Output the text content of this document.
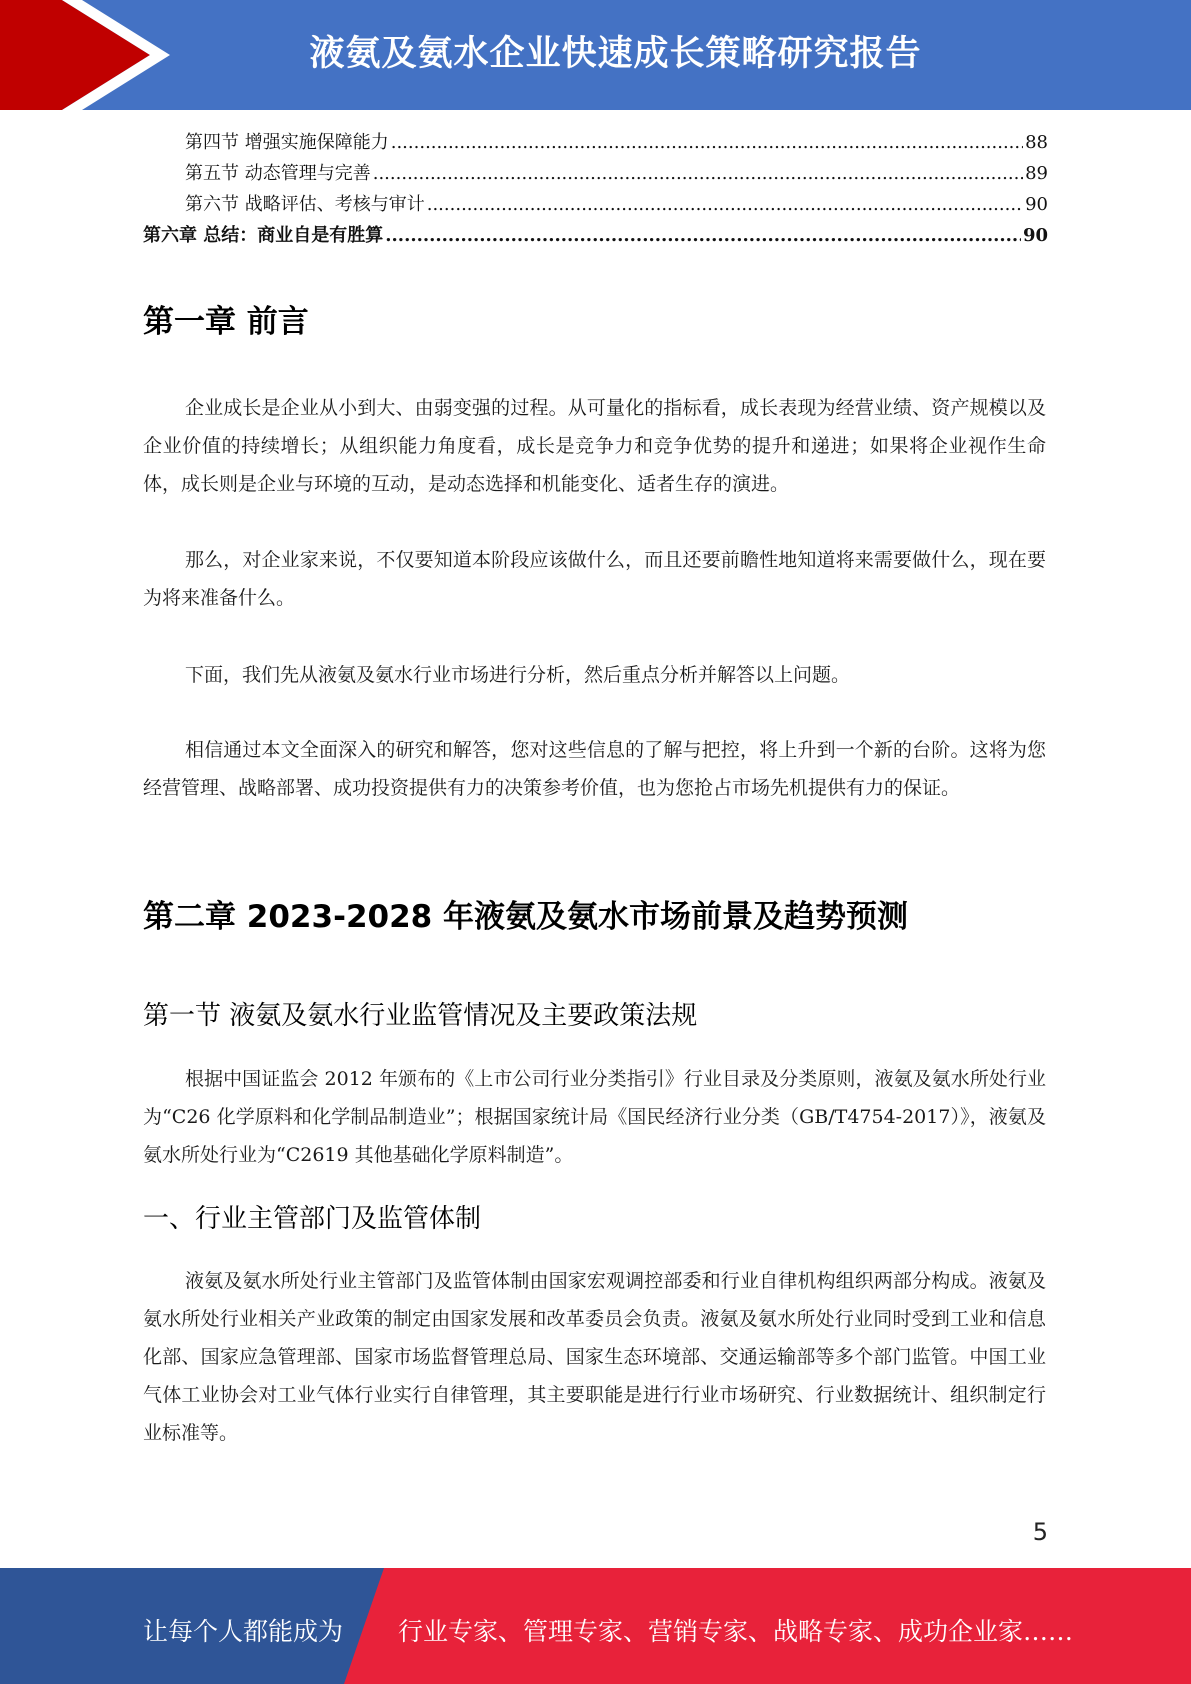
液氨及氨水企业快速成长策略研究报告
第四节 增强实施保障能力 .....	88
第五节 动态管理与完善 .....	89
第六节 战略评估、考核与审计 .....	90
第六章 总结：商业自是有胜算 .....	90
第一章 前言

企业成长是企业从小到大、由弱变强的过程。从可量化的指标看，成长表现为经营业绩、资产规模以及企业价值的持续增长；从组织能力角度看，成长是竞争力和竞争优势的提升和递进；如果将企业视作生命体，成长则是企业与环境的互动，是动态选择和机能变化、适者生存的演进。

那么，对企业家来说，不仅要知道本阶段应该做什么，而且还要前瞻性地知道将来需要做什么，现在要为将来准备什么。

下面，我们先从液氨及氨水行业市场进行分析，然后重点分析并解答以上问题。

相信通过本文全面深入的研究和解答，您对这些信息的了解与把控，将上升到一个新的台阶。这将为您经营管理、战略部署、成功投资提供有力的决策参考价值，也为您抢占市场先机提供有力的保证。

第二章 2023-2028 年液氨及氨水市场前景及趋势预测
第一节 液氨及氨水行业监管情况及主要政策法规

根据中国证监会 2012 年颁布的《上市公司行业分类指引》行业目录及分类原则，液氨及氨水所处行业为“C26 化学原料和化学制品制造业”；根据国家统计局《国民经济行业分类（GB/T4754-2017）》，液氨及氨水所处行业为“C2619 其他基础化学原料制造”。

一、行业主管部门及监管体制

液氨及氨水所处行业主管部门及监管体制由国家宏观调控部委和行业自律机构组织两部分构成。液氨及氨水所处行业相关产业政策的制定由国家发展和改革委员会负责。液氨及氨水所处行业同时受到工业和信息化部、国家应急管理部、国家市场监督管理总局、国家生态环境部、交通运输部等多个部门监管。中国工业气体工业协会对工业气体行业实行自律管理，其主要职能是进行行业市场研究、行业数据统计、组织制定行业标准等。

5
让每个人都能成为 行业专家、管理专家、营销专家、战略专家、成功企业家……
